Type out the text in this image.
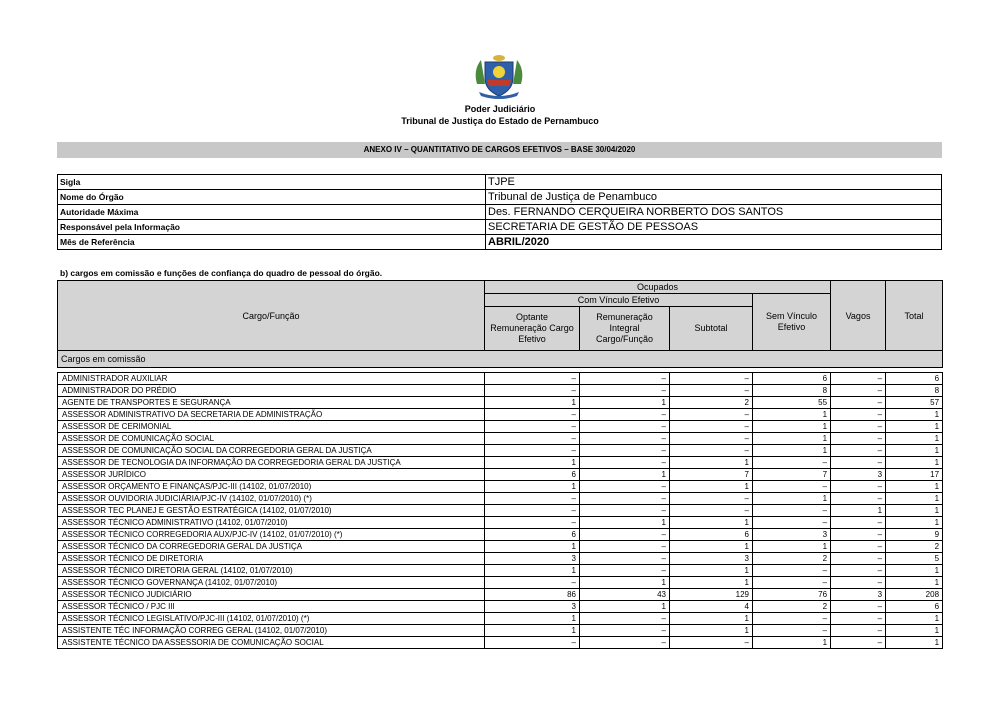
Poder Judiciário
Tribunal de Justiça do Estado de Pernambuco
ANEXO IV – QUANTITATIVO DE CARGOS EFETIVOS – BASE 30/04/2020
Sigla	TJPE
Nome do Órgão	Tribunal de Justiça de Penambuco
Autoridade Máxima	Des. FERNANDO CERQUEIRA NORBERTO DOS SANTOS
Responsável pela Informação	SECRETARIA DE GESTÃO DE PESSOAS
Mês de Referência	ABRIL/2020
b) cargos em comissão e funções de confiança do quadro de pessoal do órgão.
Cargo/Função	Ocupados				Vagos	Total
	Com Vínculo Efetivo			Sem Vínculo Efetivo		
	Optante Remuneração Cargo Efetivo	Remuneração Integral Cargo/Função	Subtotal			
Cargos em comissão						

ADMINISTRADOR AUXILIAR	–	–	–	6	–	6
ADMINISTRADOR DO PRÉDIO	–	–	–	8	–	8
AGENTE DE TRANSPORTES E SEGURANÇA	1	1	2	55	–	57
ASSESSOR ADMINISTRATIVO DA SECRETARIA DE ADMINISTRAÇÃO	–	–	–	1	–	1
ASSESSOR DE CERIMONIAL	–	–	–	1	–	1
ASSESSOR DE COMUNICAÇÃO SOCIAL	–	–	–	1	–	1
ASSESSOR DE COMUNICAÇÃO SOCIAL DA CORREGEDORIA GERAL DA JUSTIÇA	–	–	–	1	–	1
ASSESSOR DE TECNOLOGIA DA INFORMAÇÃO DA CORREGEDORIA GERAL DA JUSTIÇA	1	–	1	–	–	1
ASSESSOR JURÍDICO	6	1	7	7	3	17
ASSESSOR ORÇAMENTO E FINANÇAS/PJC-III (14102, 01/07/2010)	1	–	1	–	–	1
ASSESSOR OUVIDORIA JUDICIÁRIA/PJC-IV (14102, 01/07/2010) (*)	–	–	–	1	–	1
ASSESSOR TEC PLANEJ E GESTÃO ESTRATÉGICA (14102, 01/07/2010)	–	–	–	–	1	1
ASSESSOR TÉCNICO ADMINISTRATIVO (14102, 01/07/2010)	–	1	1	–	–	1
ASSESSOR TÉCNICO CORREGEDORIA AUX/PJC-IV (14102, 01/07/2010) (*)	6	–	6	3	–	9
ASSESSOR TÉCNICO DA CORREGEDORIA GERAL DA JUSTIÇA	1	–	1	1	–	2
ASSESSOR TÉCNICO DE DIRETORIA	3	–	3	2	–	5
ASSESSOR TÉCNICO DIRETORIA GERAL (14102, 01/07/2010)	1	–	1	–	–	1
ASSESSOR TÉCNICO GOVERNANÇA (14102, 01/07/2010)	–	1	1	–	–	1
ASSESSOR TÉCNICO JUDICIÁRIO	86	43	129	76	3	208
ASSESSOR TÉCNICO / PJC III	3	1	4	2	–	6
ASSESSOR TÉCNICO LEGISLATIVO/PJC-III (14102, 01/07/2010) (*)	1	–	1	–	–	1
ASSISTENTE TÉC INFORMAÇÃO CORREG GERAL (14102, 01/07/2010)	1	–	1	–	–	1
ASSISTENTE TÉCNICO DA ASSESSORIA DE COMUNICAÇÃO SOCIAL	–	–	–	1	–	1
